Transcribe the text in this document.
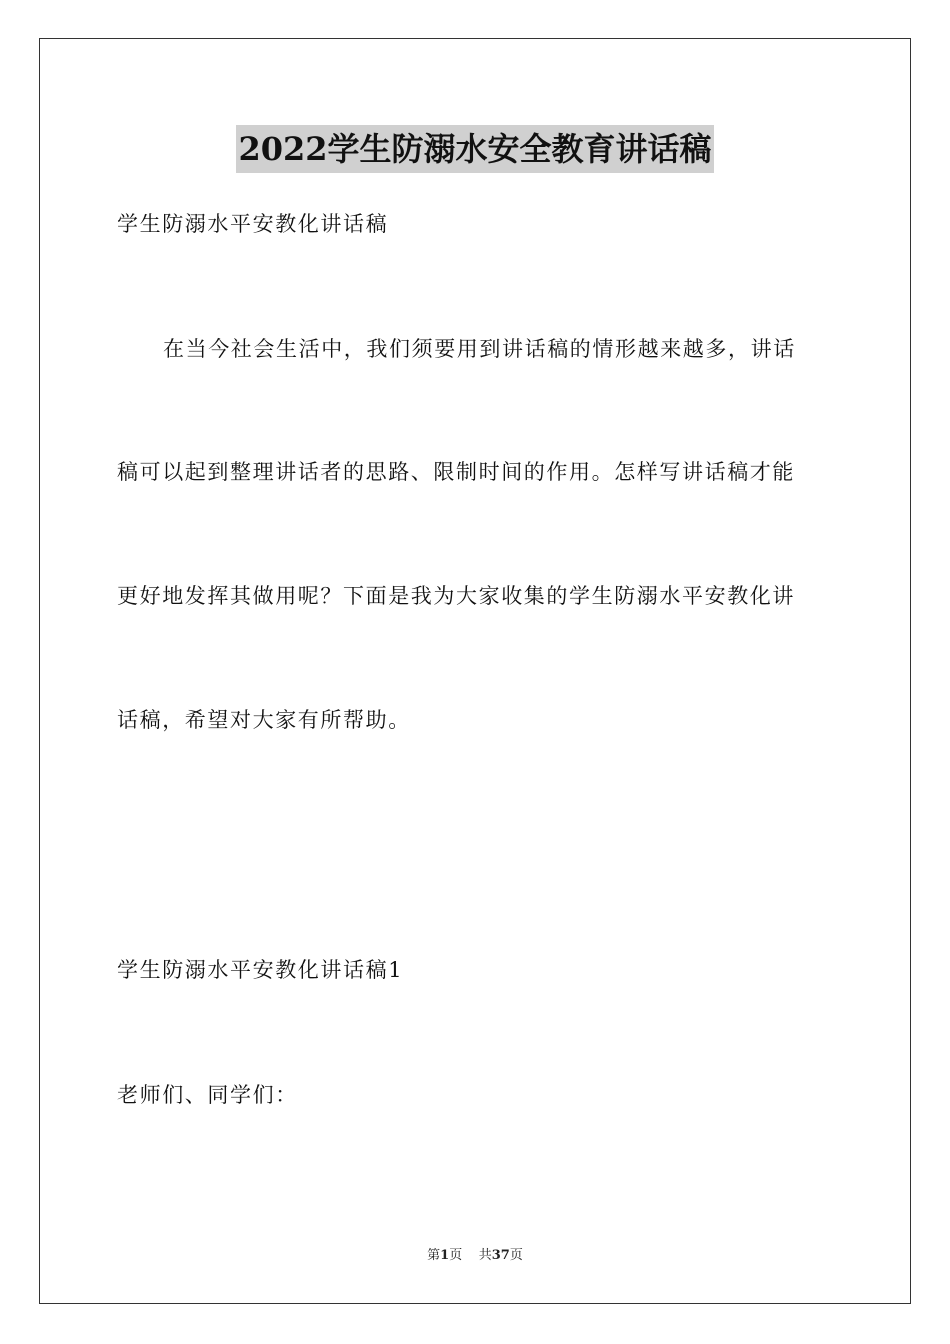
2022学生防溺水安全教育讲话稿
学生防溺水平安教化讲话稿
在当今社会生活中，我们须要用到讲话稿的情形越来越多，讲话
稿可以起到整理讲话者的思路、限制时间的作用。怎样写讲话稿才能
更好地发挥其做用呢？下面是我为大家收集的学生防溺水平安教化讲
话稿，希望对大家有所帮助。
学生防溺水平安教化讲话稿1
老师们、同学们：
第1页 共37页
